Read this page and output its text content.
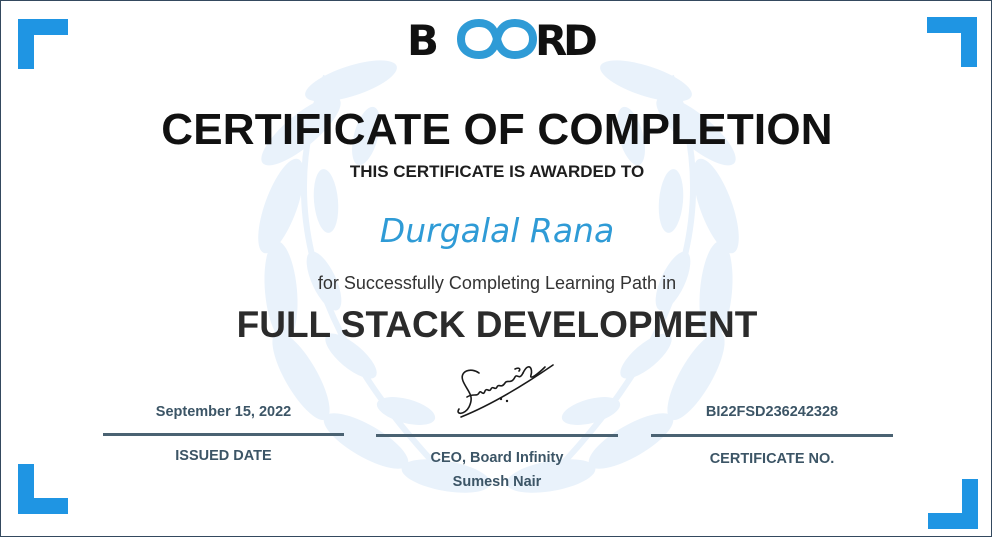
B R
D
CERTIFICATE OF COMPLETION
THIS CERTIFICATE IS AWARDED TO
Durgalal Rana
for Successfully Completing Learning Path in
FULL STACK DEVELOPMENT
September 15, 2022	BI22FSD236242328
ISSUED DATE	CEO, Board Infinity
Sumesh Nair
CERTIFICATE NO.
